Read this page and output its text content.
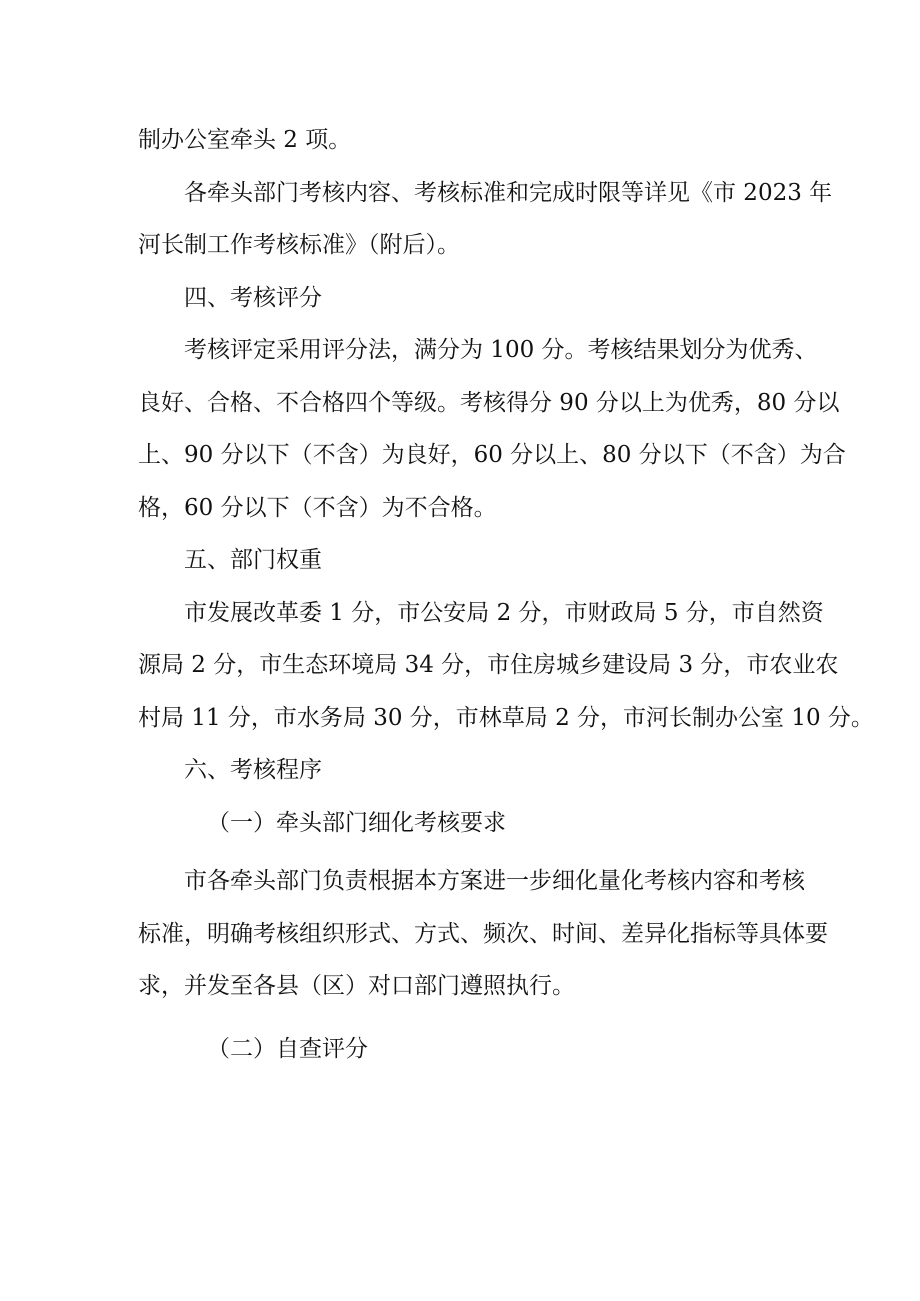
制办公室牵头 2 项。
各牵头部门考核内容、考核标准和完成时限等详见《市 2023 年
河长制工作考核标准》（附后）。
四、考核评分
考核评定采用评分法，满分为 100 分。考核结果划分为优秀、
良好、合格、不合格四个等级。考核得分 90 分以上为优秀，80 分以
上、90 分以下（不含）为良好，60 分以上、80 分以下（不含）为合
格，60 分以下（不含）为不合格。
五、部门权重
市发展改革委 1 分，市公安局 2 分，市财政局 5 分，市自然资
源局 2 分，市生态环境局 34 分，市住房城乡建设局 3 分，市农业农
村局 11 分，市水务局 30 分，市林草局 2 分，市河长制办公室 10 分。
六、考核程序
（一）牵头部门细化考核要求
市各牵头部门负责根据本方案进一步细化量化考核内容和考核
标准，明确考核组织形式、方式、频次、时间、差异化指标等具体要
求，并发至各县（区）对口部门遵照执行。
（二）自查评分
